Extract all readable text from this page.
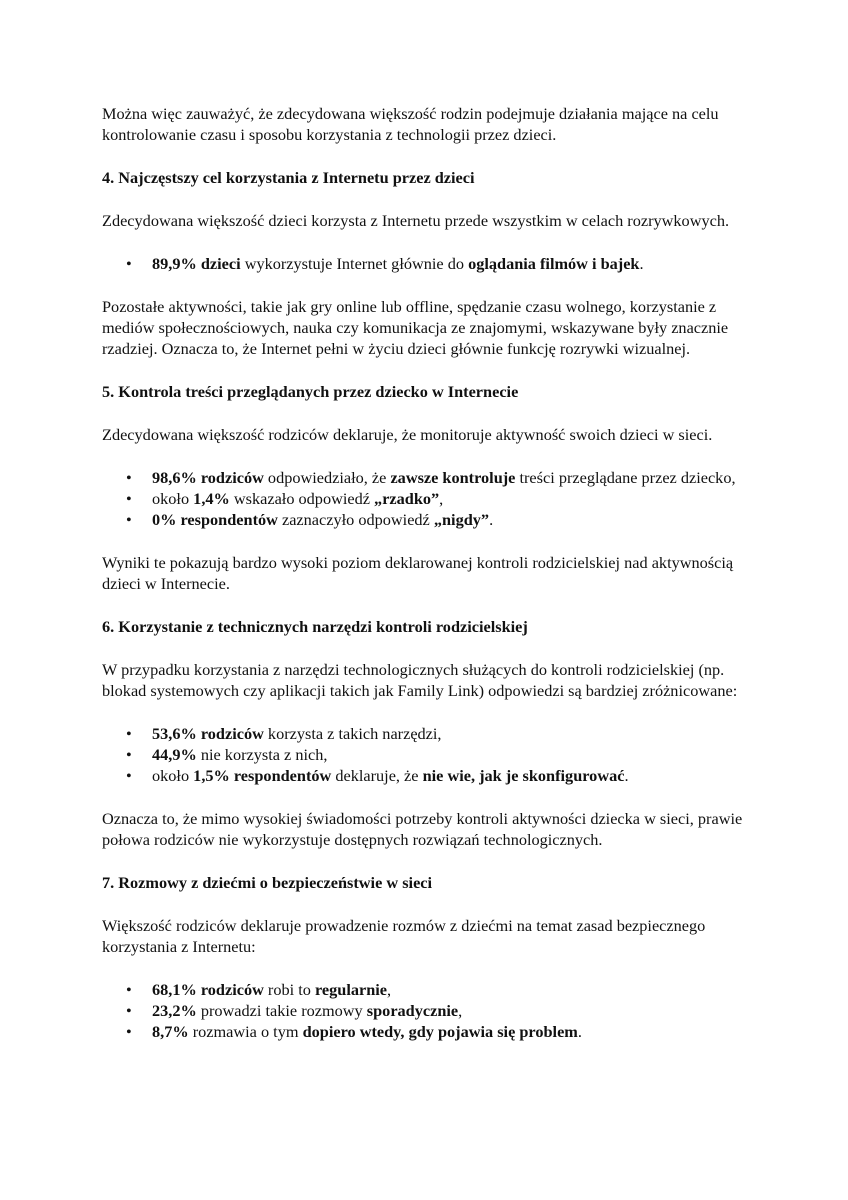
Można więc zauważyć, że zdecydowana większość rodzin podejmuje działania mające na celu kontrolowanie czasu i sposobu korzystania z technologii przez dzieci.

4. Najczęstszy cel korzystania z Internetu przez dzieci

Zdecydowana większość dzieci korzysta z Internetu przede wszystkim w celach rozrywkowych.

• 89,9% dzieci wykorzystuje Internet głównie do oglądania filmów i bajek.

Pozostałe aktywności, takie jak gry online lub offline, spędzanie czasu wolnego, korzystanie z mediów społecznościowych, nauka czy komunikacja ze znajomymi, wskazywane były znacznie rzadziej. Oznacza to, że Internet pełni w życiu dzieci głównie funkcję rozrywki wizualnej.

5. Kontrola treści przeglądanych przez dziecko w Internecie

Zdecydowana większość rodziców deklaruje, że monitoruje aktywność swoich dzieci w sieci.

• 98,6% rodziców odpowiedziało, że zawsze kontroluje treści przeglądane przez dziecko,
• około 1,4% wskazało odpowiedź „rzadko”,
• 0% respondentów zaznaczyło odpowiedź „nigdy”.

Wyniki te pokazują bardzo wysoki poziom deklarowanej kontroli rodzicielskiej nad aktywnością dzieci w Internecie.

6. Korzystanie z technicznych narzędzi kontroli rodzicielskiej

W przypadku korzystania z narzędzi technologicznych służących do kontroli rodzicielskiej (np. blokad systemowych czy aplikacji takich jak Family Link) odpowiedzi są bardziej zróżnicowane:

• 53,6% rodziców korzysta z takich narzędzi,
• 44,9% nie korzysta z nich,
• około 1,5% respondentów deklaruje, że nie wie, jak je skonfigurować.

Oznacza to, że mimo wysokiej świadomości potrzeby kontroli aktywności dziecka w sieci, prawie połowa rodziców nie wykorzystuje dostępnych rozwiązań technologicznych.

7. Rozmowy z dziećmi o bezpieczeństwie w sieci

Większość rodziców deklaruje prowadzenie rozmów z dziećmi na temat zasad bezpiecznego korzystania z Internetu:

• 68,1% rodziców robi to regularnie,
• 23,2% prowadzi takie rozmowy sporadycznie,
• 8,7% rozmawia o tym dopiero wtedy, gdy pojawia się problem.
